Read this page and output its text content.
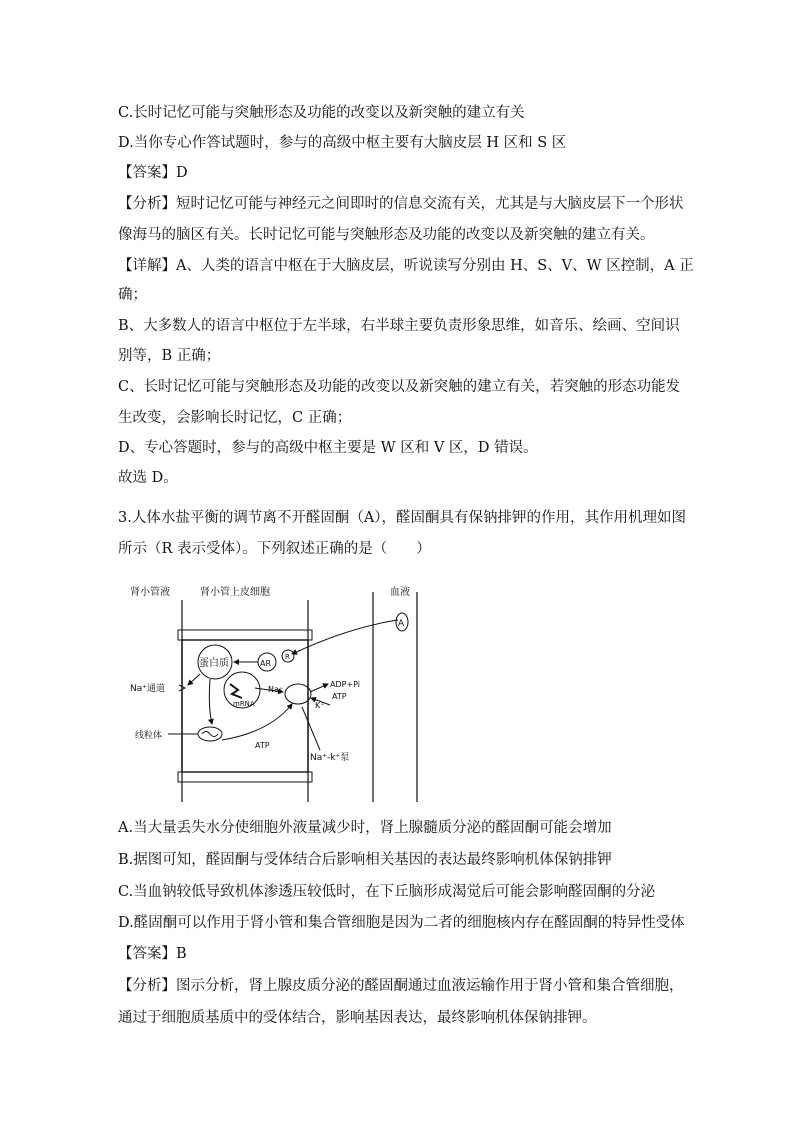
C.长时记忆可能与突触形态及功能的改变以及新突触的建立有关
D.当你专心作答试题时，参与的高级中枢主要有大脑皮层 H 区和 S 区
【答案】D
【分析】短时记忆可能与神经元之间即时的信息交流有关，尤其是与大脑皮层下一个形状
像海马的脑区有关。长时记忆可能与突触形态及功能的改变以及新突触的建立有关。
【详解】A、人类的语言中枢在于大脑皮层，听说读写分别由 H、S、V、W 区控制，A 正
确；
B、大多数人的语言中枢位于左半球，右半球主要负责形象思维，如音乐、绘画、空间识
别等，B 正确；
C、长时记忆可能与突触形态及功能的改变以及新突触的建立有关，若突触的形态功能发
生改变，会影响长时记忆，C 正确；
D、专心答题时，参与的高级中枢主要是 W 区和 V 区，D 错误。
故选 D。
3.人体水盐平衡的调节离不开醛固酮（A），醛固酮具有保钠排钾的作用，其作用机理如图
所示（R 表示受体）。下列叙述正确的是（　　）
肾小管液	肾小管上皮细胞	血液
A
蛋白质	AR
R
mRNA
Na⁺
ADP+Pi
ATP
K⁺
Na⁺通道
线粒体
ATP
Na⁺-k⁺泵
A.当大量丢失水分使细胞外液量减少时，肾上腺髓质分泌的醛固酮可能会增加
B.据图可知，醛固酮与受体结合后影响相关基因的表达最终影响机体保钠排钾
C.当血钠较低导致机体渗透压较低时，在下丘脑形成渴觉后可能会影响醛固酮的分泌
D.醛固酮可以作用于肾小管和集合管细胞是因为二者的细胞核内存在醛固酮的特异性受体
【答案】B
【分析】图示分析，肾上腺皮质分泌的醛固酮通过血液运输作用于肾小管和集合管细胞，
通过于细胞质基质中的受体结合，影响基因表达，最终影响机体保钠排钾。
